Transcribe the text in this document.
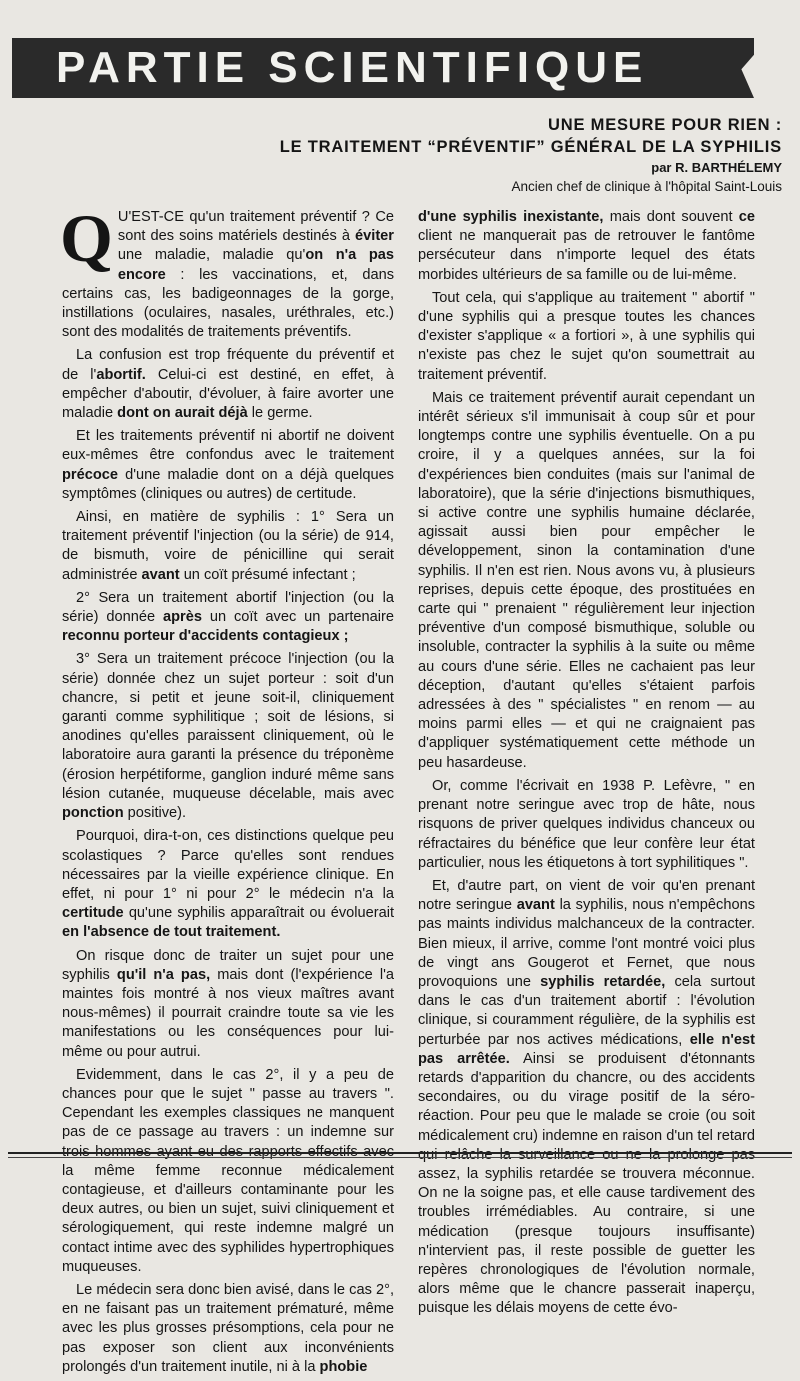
PARTIE SCIENTIFIQUE
UNE MESURE POUR RIEN :
LE TRAITEMENT “PRÉVENTIF” GÉNÉRAL DE LA SYPHILIS
par R. BARTHÉLEMY
Ancien chef de clinique à l'hôpital Saint-Louis

Q U'EST-CE qu'un traitement préventif ? Ce sont des soins matériels destinés à éviter une maladie, maladie qu'on n'a pas encore : les vaccinations, et, dans certains cas, les badigeonnages de la gorge, instillations (oculaires, nasales, uréthrales, etc.) sont des modalités de traitements préventifs.

La confusion est trop fréquente du préventif et de l'abortif. Celui-ci est destiné, en effet, à empêcher d'aboutir, d'évoluer, à faire avorter une maladie dont on aurait déjà le germe.

Et les traitements préventif ni abortif ne doivent eux-mêmes être confondus avec le traitement précoce d'une maladie dont on a déjà quelques symptômes (cliniques ou autres) de certitude.

Ainsi, en matière de syphilis : 1° Sera un traitement préventif l'injection (ou la série) de 914, de bismuth, voire de pénicilline qui serait administrée avant un coït présumé infectant ;

2° Sera un traitement abortif l'injection (ou la série) donnée après un coït avec un partenaire reconnu porteur d'accidents contagieux ;

3° Sera un traitement précoce l'injection (ou la série) donnée chez un sujet porteur : soit d'un chancre, si petit et jeune soit-il, cliniquement garanti comme syphilitique ; soit de lésions, si anodines qu'elles paraissent cliniquement, où le laboratoire aura garanti la présence du tréponème (érosion herpétiforme, ganglion induré même sans lésion cutanée, muqueuse décelable, mais avec ponction positive).

Pourquoi, dira-t-on, ces distinctions quelque peu scolastiques ? Parce qu'elles sont rendues nécessaires par la vieille expérience clinique. En effet, ni pour 1° ni pour 2° le médecin n'a la certitude qu'une syphilis apparaîtrait ou évoluerait en l'absence de tout traitement.

On risque donc de traiter un sujet pour une syphilis qu'il n'a pas, mais dont (l'expérience l'a maintes fois montré à nos vieux maîtres avant nous-mêmes) il pourrait craindre toute sa vie les manifestations ou les conséquences pour lui-même ou pour autrui.

Evidemment, dans le cas 2°, il y a peu de chances pour que le sujet " passe au travers ". Cependant les exemples classiques ne manquent pas de ce passage au travers : un indemne sur trois hommes ayant eu des rapports effectifs avec la même femme reconnue médicalement contagieuse, et d'ailleurs contaminante pour les deux autres, ou bien un sujet, suivi cliniquement et sérologiquement, qui reste indemne malgré un contact intime avec des syphilides hypertrophiques muqueuses.

Le médecin sera donc bien avisé, dans le cas 2°, en ne faisant pas un traitement prématuré, même avec les plus grosses présomptions, cela pour ne pas exposer son client aux inconvénients prolongés d'un traitement inutile, ni à la phobie

d'une syphilis inexistante, mais dont souvent ce client ne manquerait pas de retrouver le fantôme persécuteur dans n'importe lequel des états morbides ultérieurs de sa famille ou de lui-même.

Tout cela, qui s'applique au traitement " abortif " d'une syphilis qui a presque toutes les chances d'exister s'applique « a fortiori », à une syphilis qui n'existe pas chez le sujet qu'on soumettrait au traitement préventif.

Mais ce traitement préventif aurait cependant un intérêt sérieux s'il immunisait à coup sûr et pour longtemps contre une syphilis éventuelle. On a pu croire, il y a quelques années, sur la foi d'expériences bien conduites (mais sur l'animal de laboratoire), que la série d'injections bismuthiques, si active contre une syphilis humaine déclarée, agissait aussi bien pour empêcher le développement, sinon la contamination d'une syphilis. Il n'en est rien. Nous avons vu, à plusieurs reprises, depuis cette époque, des prostituées en carte qui " prenaient " régulièrement leur injection préventive d'un composé bismuthique, soluble ou insoluble, contracter la syphilis à la suite ou même au cours d'une série. Elles ne cachaient pas leur déception, d'autant qu'elles s'étaient parfois adressées à des " spécialistes " en renom — au moins parmi elles — et qui ne craignaient pas d'appliquer systématiquement cette méthode un peu hasardeuse.

Or, comme l'écrivait en 1938 P. Lefèvre, " en prenant notre seringue avec trop de hâte, nous risquons de priver quelques individus chanceux ou réfractaires du bénéfice que leur confère leur état particulier, nous les étiquetons à tort syphilitiques ".

Et, d'autre part, on vient de voir qu'en prenant notre seringue avant la syphilis, nous n'empêchons pas maints individus malchanceux de la contracter. Bien mieux, il arrive, comme l'ont montré voici plus de vingt ans Gougerot et Fernet, que nous provoquions une syphilis retardée, cela surtout dans le cas d'un traitement abortif : l'évolution clinique, si couramment régulière, de la syphilis est perturbée par nos actives médications, elle n'est pas arrêtée. Ainsi se produisent d'étonnants retards d'apparition du chancre, ou des accidents secondaires, ou du virage positif de la séro-réaction. Pour peu que le malade se croie (ou soit médicalement cru) indemne en raison d'un tel retard qui relâche la surveillance ou ne la prolonge pas assez, la syphilis retardée se trouvera méconnue. On ne la soigne pas, et elle cause tardivement des troubles irrémédiables. Au contraire, si une médication (presque toujours insuffisante) n'intervient pas, il reste possible de guetter les repères chronologiques de l'évolution normale, alors même que le chancre passerait inaperçu, puisque les délais moyens de cette évo-
